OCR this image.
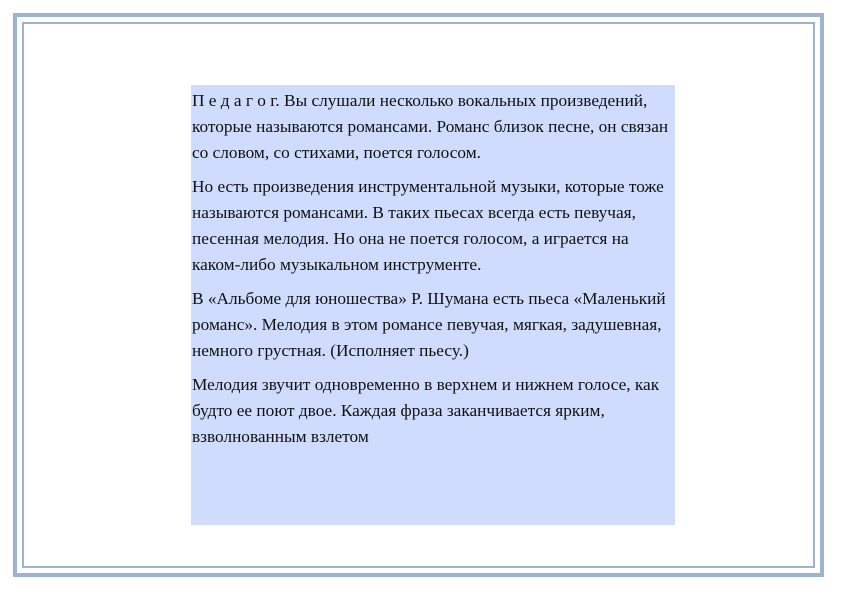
П е д а г о г. Вы слушали несколько вокальных произведений, которые называются романсами. Романс близок песне, он связан со словом, со стихами, поется голосом.

Но есть произведения инструментальной музыки, которые тоже называются романсами. В таких пьесах всегда есть певучая, песенная мелодия. Но она не поется голосом, а играется на каком-либо музыкальном инструменте.

В «Альбоме для юношества» Р. Шумана есть пьеса «Маленький романс». Мелодия в этом романсе певучая, мягкая, задушевная, немного грустная. (Исполняет пьесу.)

Мелодия звучит одновременно в верхнем и нижнем голосе, как будто ее поют двое. Каждая фраза заканчивается ярким, взволнованным взлетом
